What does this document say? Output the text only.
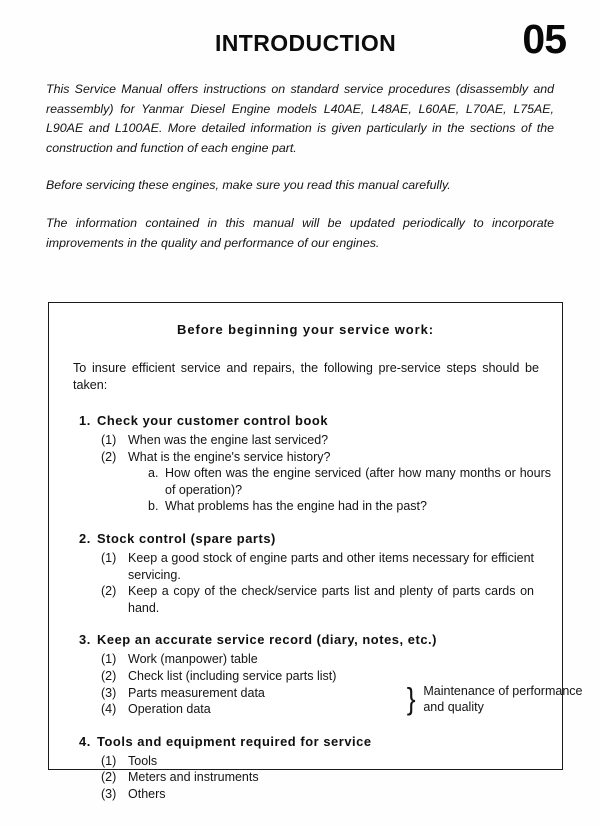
INTRODUCTION	05

This Service Manual offers instructions on standard service procedures (disassembly and reassembly) for Yanmar Diesel Engine models L40AE, L48AE, L60AE, L70AE, L75AE, L90AE and L100AE. More detailed information is given particularly in the sections of the construction and function of each engine part.

Before servicing these engines, make sure you read this manual carefully.

The information contained in this manual will be updated periodically to incorporate improvements in the quality and performance of our engines.

Before beginning your service work:
To insure efficient service and repairs, the following pre-service steps should be taken:
1. Check your customer control book
(1) When was the engine last serviced?
(2) What is the engine's service history?
a. How often was the engine serviced (after how many months or hours of operation)?
b. What problems has the engine had in the past?
2. Stock control (spare parts)
(1) Keep a good stock of engine parts and other items necessary for efficient servicing.
(2) Keep a copy of the check/service parts list and plenty of parts cards on hand.
3. Keep an accurate service record (diary, notes, etc.)
(1) Work (manpower) table
(2) Check list (including service parts list)
(3) Parts measurement data
(4) Operation data	} Maintenance of performance and quality
4. Tools and equipment required for service
(1) Tools
(2) Meters and instruments
(3) Others
